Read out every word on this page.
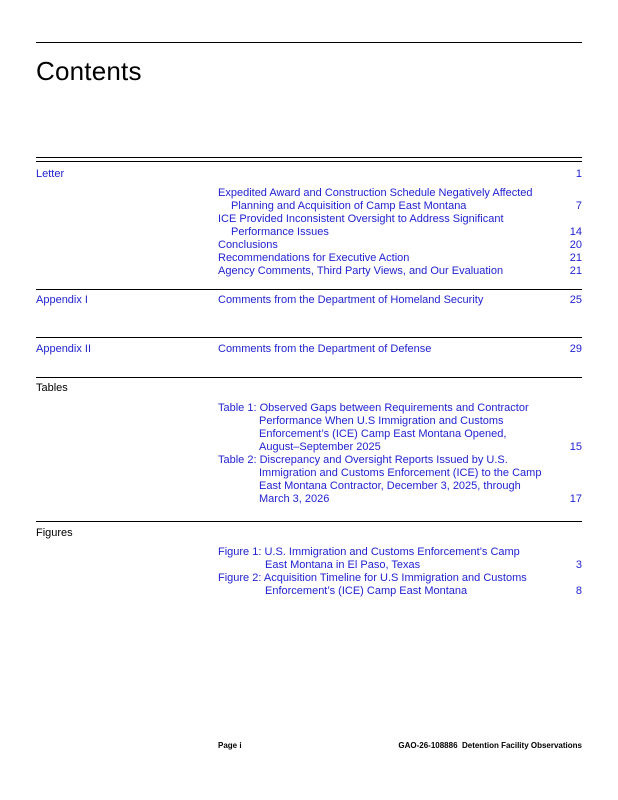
Contents
Letter	1
Expedited Award and Construction Schedule Negatively Affected
Planning and Acquisition of Camp East Montana	7
ICE Provided Inconsistent Oversight to Address Significant
Performance Issues	14
Conclusions	20
Recommendations for Executive Action	21
Agency Comments, Third Party Views, and Our Evaluation	21
Appendix I	Comments from the Department of Homeland Security	25
Appendix II	Comments from the Department of Defense	29
Tables
Table 1: Observed Gaps between Requirements and Contractor
Performance When U.S Immigration and Customs
Enforcement’s (ICE) Camp East Montana Opened,
August–September 2025	15
Table 2: Discrepancy and Oversight Reports Issued by U.S.
Immigration and Customs Enforcement (ICE) to the Camp
East Montana Contractor, December 3, 2025, through
March 3, 2026	17
Figures
Figure 1: U.S. Immigration and Customs Enforcement’s Camp
East Montana in El Paso, Texas	3
Figure 2: Acquisition Timeline for U.S Immigration and Customs
Enforcement’s (ICE) Camp East Montana	8
Page i	GAO-26-108886  Detention Facility Observations
